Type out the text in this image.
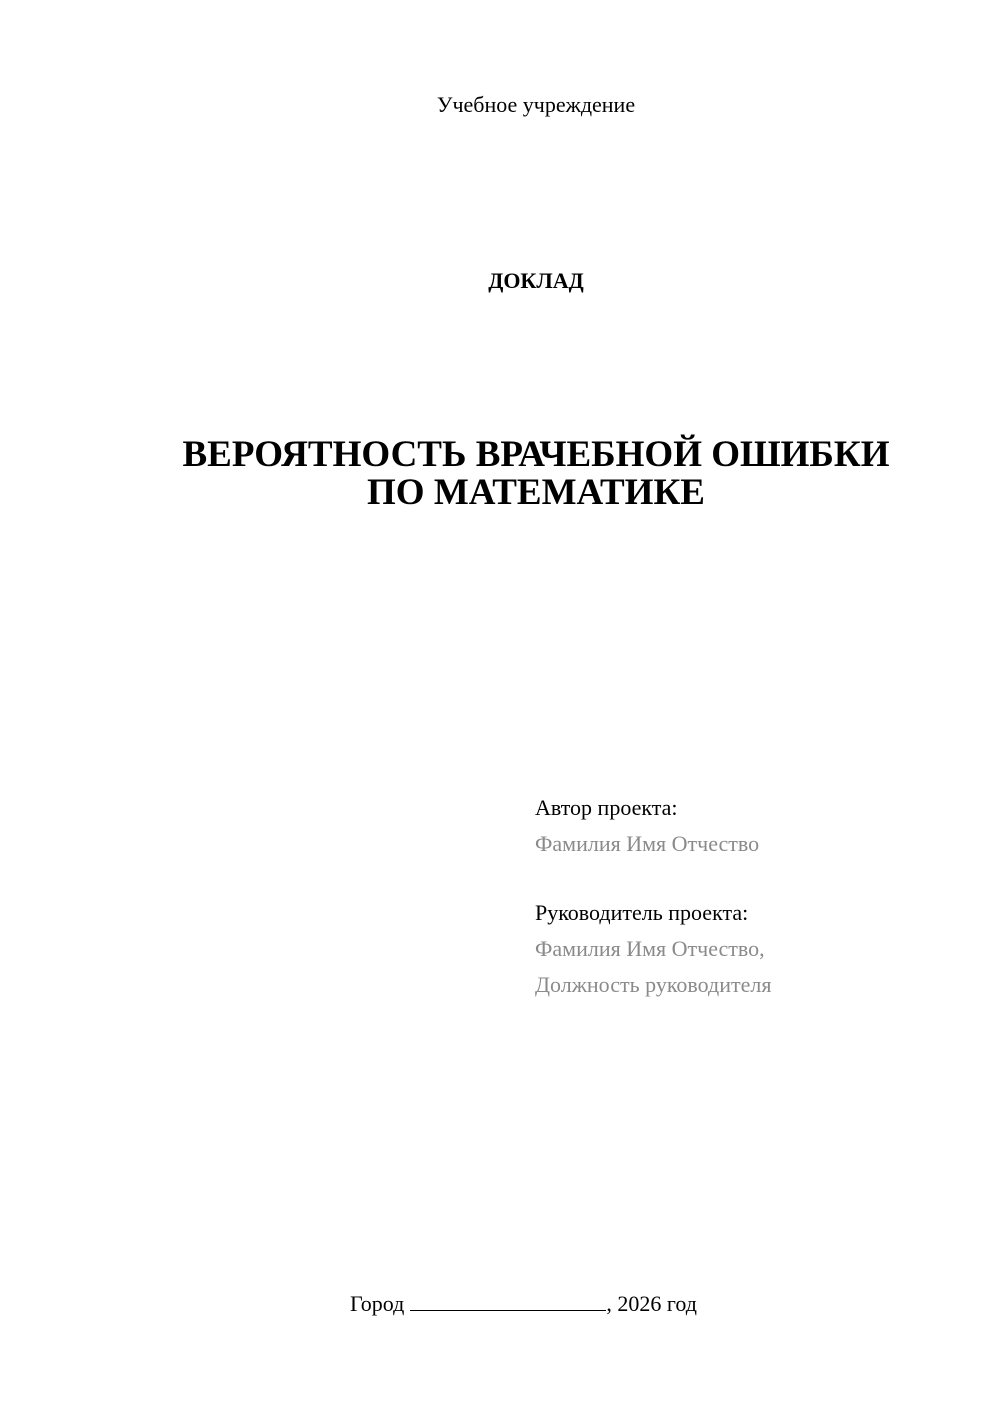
Учебное учреждение
ДОКЛАД
ВЕРОЯТНОСТЬ ВРАЧЕБНОЙ ОШИБКИ
ПО МАТЕМАТИКЕ
Автор проекта:
Фамилия Имя Отчество
Руководитель проекта:
Фамилия Имя Отчество,
Должность руководителя
Город	, 2026 год
